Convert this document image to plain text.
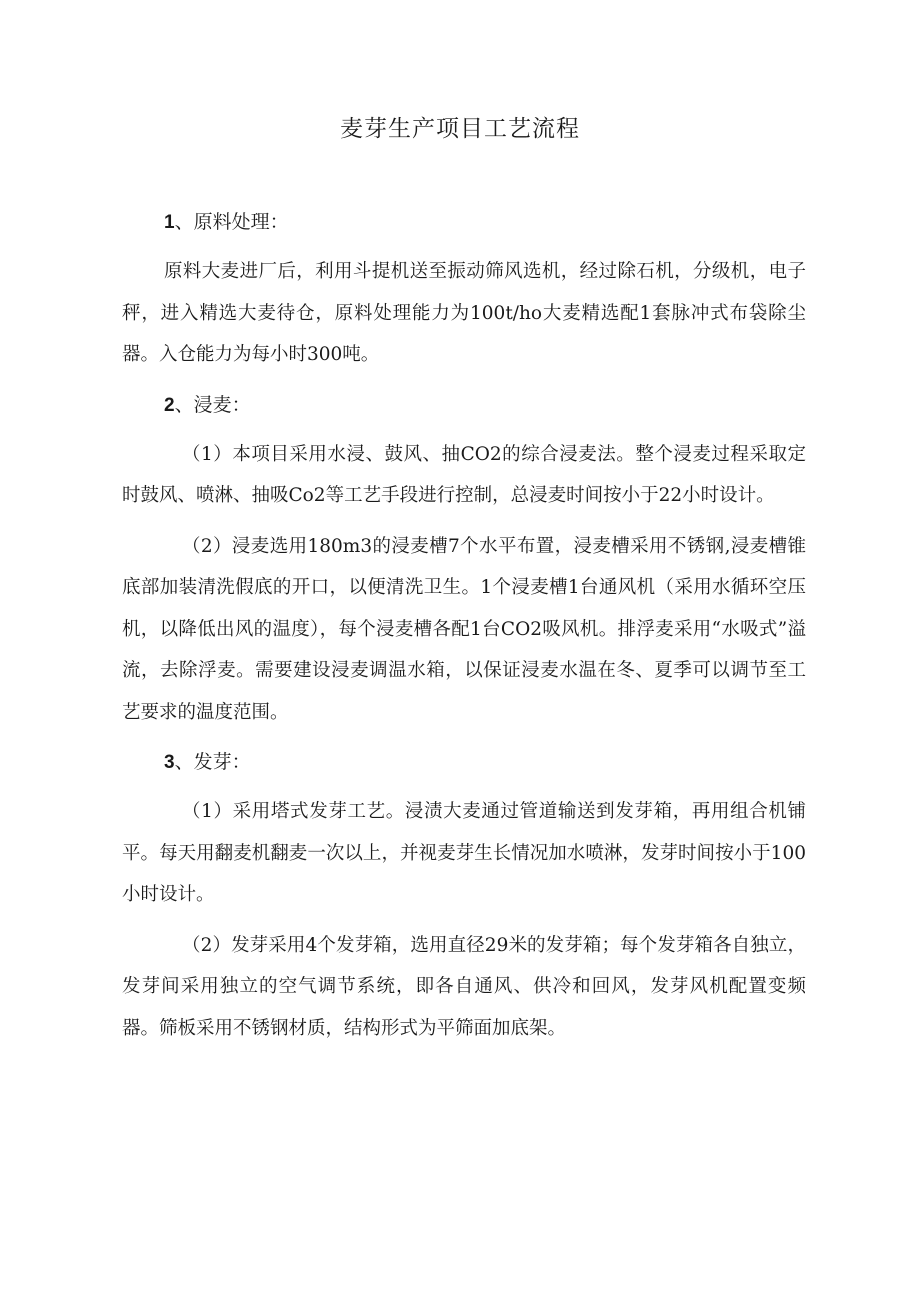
麦芽生产项目工艺流程
1、原料处理：

原料大麦进厂后，利用斗提机送至振动筛风选机，经过除石机，分级机，电子秤，进入精选大麦待仓，原料处理能力为100t∕ho大麦精选配1套脉冲式布袋除尘器。入仓能力为每小时300吨。

2、浸麦：

（1）本项目采用水浸、鼓风、抽CO2的综合浸麦法。整个浸麦过程采取定时鼓风、喷淋、抽吸Co2等工艺手段进行控制，总浸麦时间按小于22小时设计。

（2）浸麦选用180m3的浸麦槽7个水平布置，浸麦槽采用不锈钢,浸麦槽锥底部加装清洗假底的开口，以便清洗卫生。1个浸麦槽1台通风机（采用水循环空压机，以降低出风的温度），每个浸麦槽各配1台CO2吸风机。排浮麦采用“水吸式”溢流，去除浮麦。需要建设浸麦调温水箱，以保证浸麦水温在冬、夏季可以调节至工艺要求的温度范围。

3、发芽：

（1）采用塔式发芽工艺。浸渍大麦通过管道输送到发芽箱，再用组合机铺平。每天用翻麦机翻麦一次以上，并视麦芽生长情况加水喷淋，发芽时间按小于100小时设计。

（2）发芽采用4个发芽箱，选用直径29米的发芽箱；每个发芽箱各自独立，发芽间采用独立的空气调节系统，即各自通风、供冷和回风，发芽风机配置变频器。筛板采用不锈钢材质，结构形式为平筛面加底架。
